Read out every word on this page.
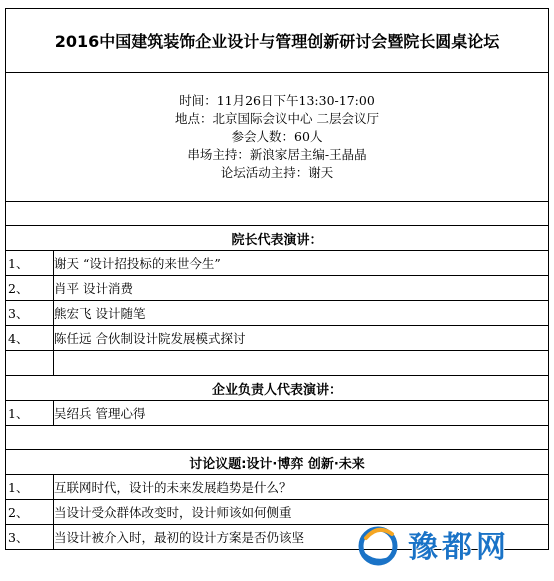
2016中国建筑装饰企业设计与管理创新研讨会暨院长圆桌论坛	

时间：11月26日下午13:30-17:00
地点：北京国际会议中心 二层会议厅
参会人数：60人
串场主持：新浪家居主编-王晶晶
论坛活动主持：谢天	

院长代表演讲：	
1、	谢天 “设计招投标的来世今生”
2、	肖平 设计消费
3、	熊宏飞 设计随笔
4、	陈任远 合伙制设计院发展模式探讨

企业负责人代表演讲：	
1、	吴绍兵 管理心得

讨论议题:设计·博弈 创新·未来	
1、	互联网时代，设计的未来发展趋势是什么？
2、	当设计受众群体改变时，设计师该如何侧重
3、	当设计被介入时，最初的设计方案是否仍该坚	豫都网
